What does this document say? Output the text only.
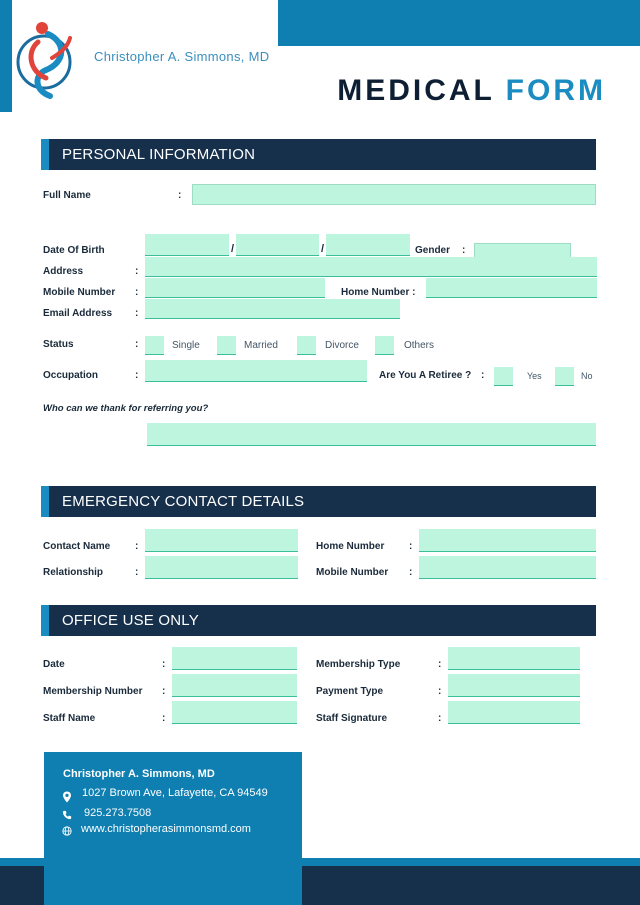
Christopher A. Simmons, MD
MEDICAL FORM
PERSONAL INFORMATION
Full Name	:
Date Of Birth	/	/	Gender :
Address	:
Mobile Number :	Home Number :
Email Address :
Status	:	Single	Married	Divorce	Others
Occupation	:	Are You A Retiree ? :	Yes	No
Who can we thank for referring you?
EMERGENCY CONTACT DETAILS
Contact Name :	Home Number :
Relationship	:	Mobile Number :
OFFICE USE ONLY
Date	:	Membership Type	:
Membership Number :	Payment Type	:
Staff Name	:	Staff Signature	:
Christopher A. Simmons, MD
1027 Brown Ave, Lafayette, CA 94549
925.273.7508
www.christopherasimmonsmd.com
